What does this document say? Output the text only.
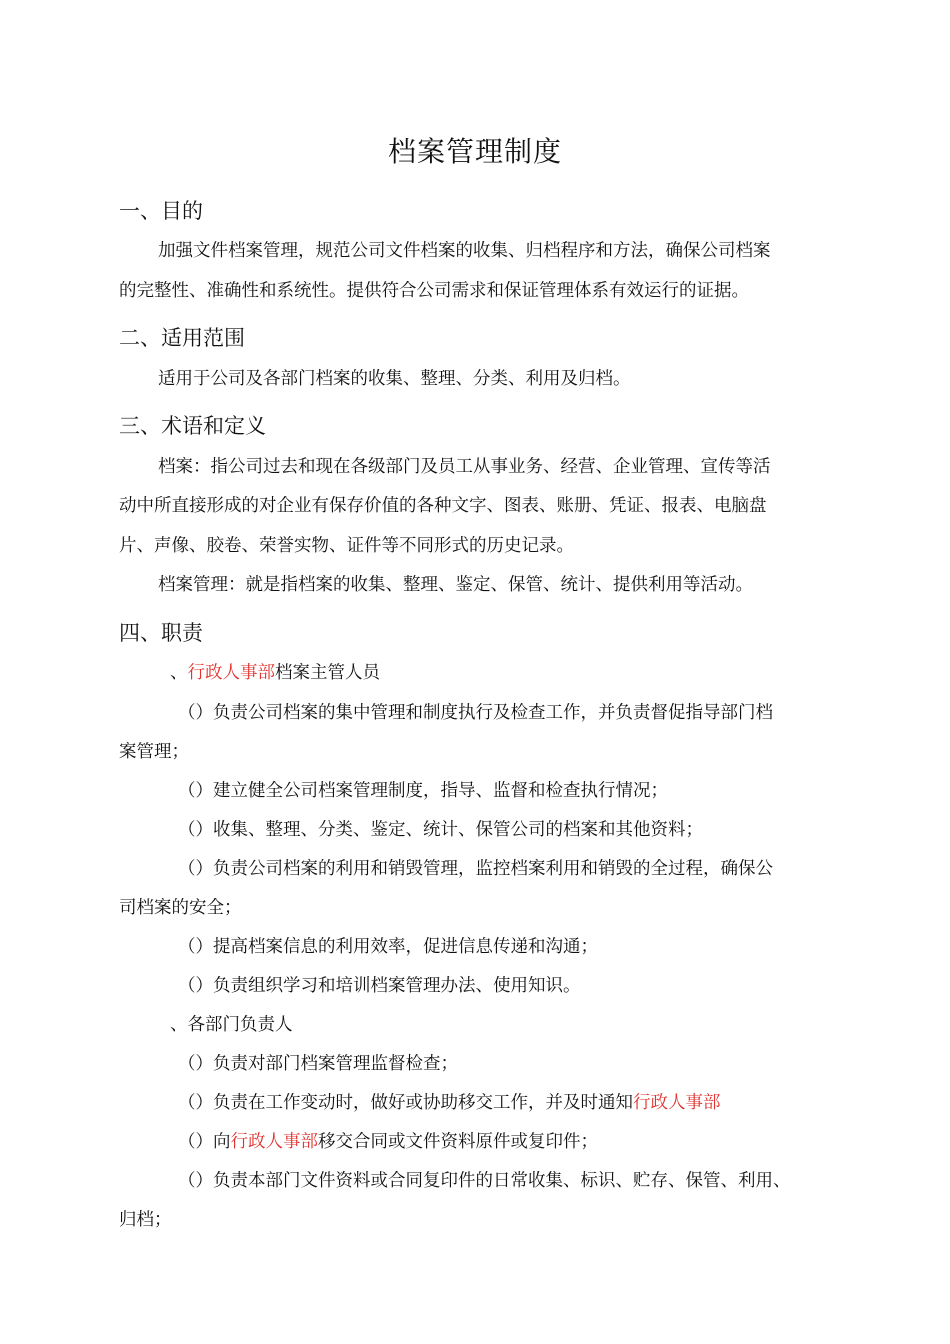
档案管理制度
一、目的
加强文件档案管理，规范公司文件档案的收集、归档程序和方法，确保公司档案
的完整性、准确性和系统性。提供符合公司需求和保证管理体系有效运行的证据。
二、适用范围
适用于公司及各部门档案的收集、整理、分类、利用及归档。
三、术语和定义
档案：指公司过去和现在各级部门及员工从事业务、经营、企业管理、宣传等活
动中所直接形成的对企业有保存价值的各种文字、图表、账册、凭证、报表、电脑盘
片、声像、胶卷、荣誉实物、证件等不同形式的历史记录。
档案管理：就是指档案的收集、整理、鉴定、保管、统计、提供利用等活动。
四、职责
、行政人事部档案主管人员
（）负责公司档案的集中管理和制度执行及检查工作，并负责督促指导部门档
案管理；
（）建立健全公司档案管理制度，指导、监督和检查执行情况；
（）收集、整理、分类、鉴定、统计、保管公司的档案和其他资料；
（）负责公司档案的利用和销毁管理，监控档案利用和销毁的全过程，确保公
司档案的安全；
（）提高档案信息的利用效率，促进信息传递和沟通；
（）负责组织学习和培训档案管理办法、使用知识。
、各部门负责人
（）负责对部门档案管理监督检查；
（）负责在工作变动时，做好或协助移交工作，并及时通知行政人事部
（）向行政人事部移交合同或文件资料原件或复印件；
（）负责本部门文件资料或合同复印件的日常收集、标识、贮存、保管、利用、
归档；
